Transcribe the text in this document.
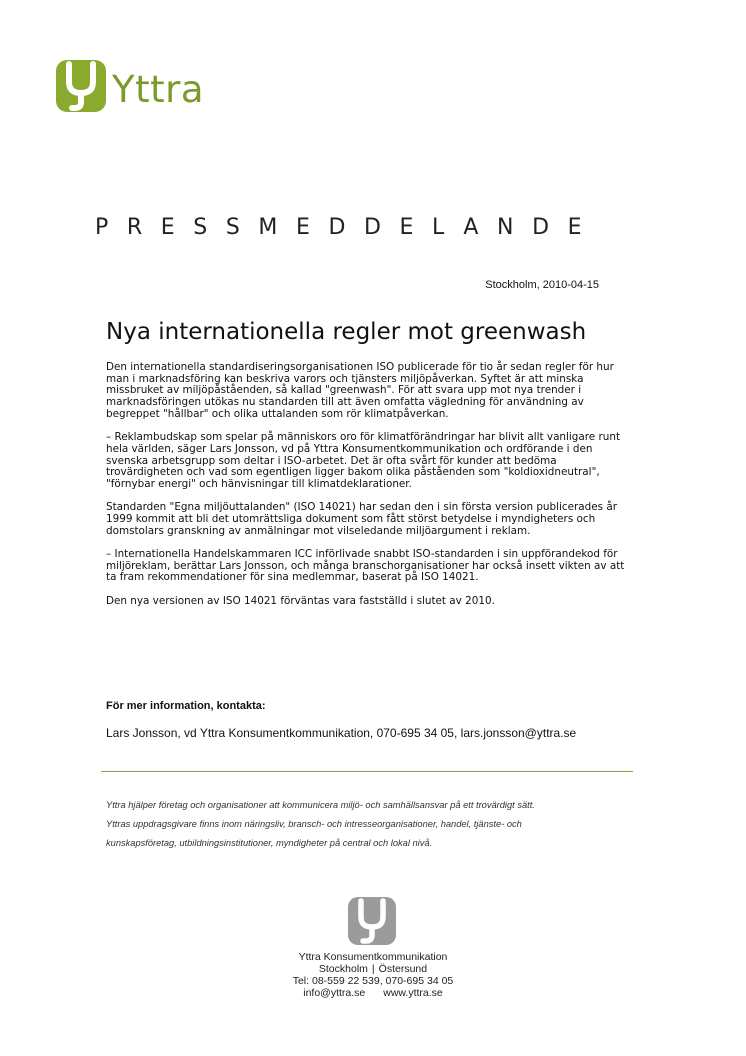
Yttra
PRESSMEDDELANDE
Stockholm, 2010-04-15
Nya internationella regler mot greenwash

Den internationella standardiseringsorganisationen ISO publicerade för tio år sedan regler för hur man i marknadsföring kan beskriva varors och tjänsters miljöpåverkan. Syftet är att minska missbruket av miljöpåståenden, så kallad "greenwash". För att svara upp mot nya trender i marknadsföringen utökas nu standarden till att även omfatta vägledning för användning av begreppet "hållbar" och olika uttalanden som rör klimatpåverkan.

– Reklambudskap som spelar på människors oro för klimatförändringar har blivit allt vanligare runt hela världen, säger Lars Jonsson, vd på Yttra Konsumentkommunikation och ordförande i den svenska arbetsgrupp som deltar i ISO-arbetet. Det är ofta svårt för kunder att bedöma trovärdigheten och vad som egentligen ligger bakom olika påståenden som "koldioxidneutral", "förnybar energi" och hänvisningar till klimatdeklarationer.

Standarden "Egna miljöuttalanden" (ISO 14021) har sedan den i sin första version publicerades år 1999 kommit att bli det utomrättsliga dokument som fått störst betydelse i myndigheters och domstolars granskning av anmälningar mot vilseledande miljöargument i reklam.

– Internationella Handelskammaren ICC införlivade snabbt ISO-standarden i sin uppförandekod för miljöreklam, berättar Lars Jonsson, och många branschorganisationer har också insett vikten av att ta fram rekommendationer för sina medlemmar, baserat på ISO 14021.

Den nya versionen av ISO 14021 förväntas vara fastställd i slutet av 2010.

För mer information, kontakta:
Lars Jonsson, vd Yttra Konsumentkommunikation, 070-695 34 05, lars.jonsson@yttra.se

Yttra hjälper företag och organisationer att kommunicera miljö- och samhällsansvar på ett trovärdigt sätt.

Yttras uppdragsgivare finns inom näringsliv, bransch- och intresseorganisationer, handel, tjänste- och

kunskapsföretag, utbildningsinstitutioner, myndigheter på central och lokal nivå.

Yttra Konsumentkommunikation
Stockholm | Östersund
Tel: 08-559 22 539, 070-695 34 05
info@yttra.se www.yttra.se
